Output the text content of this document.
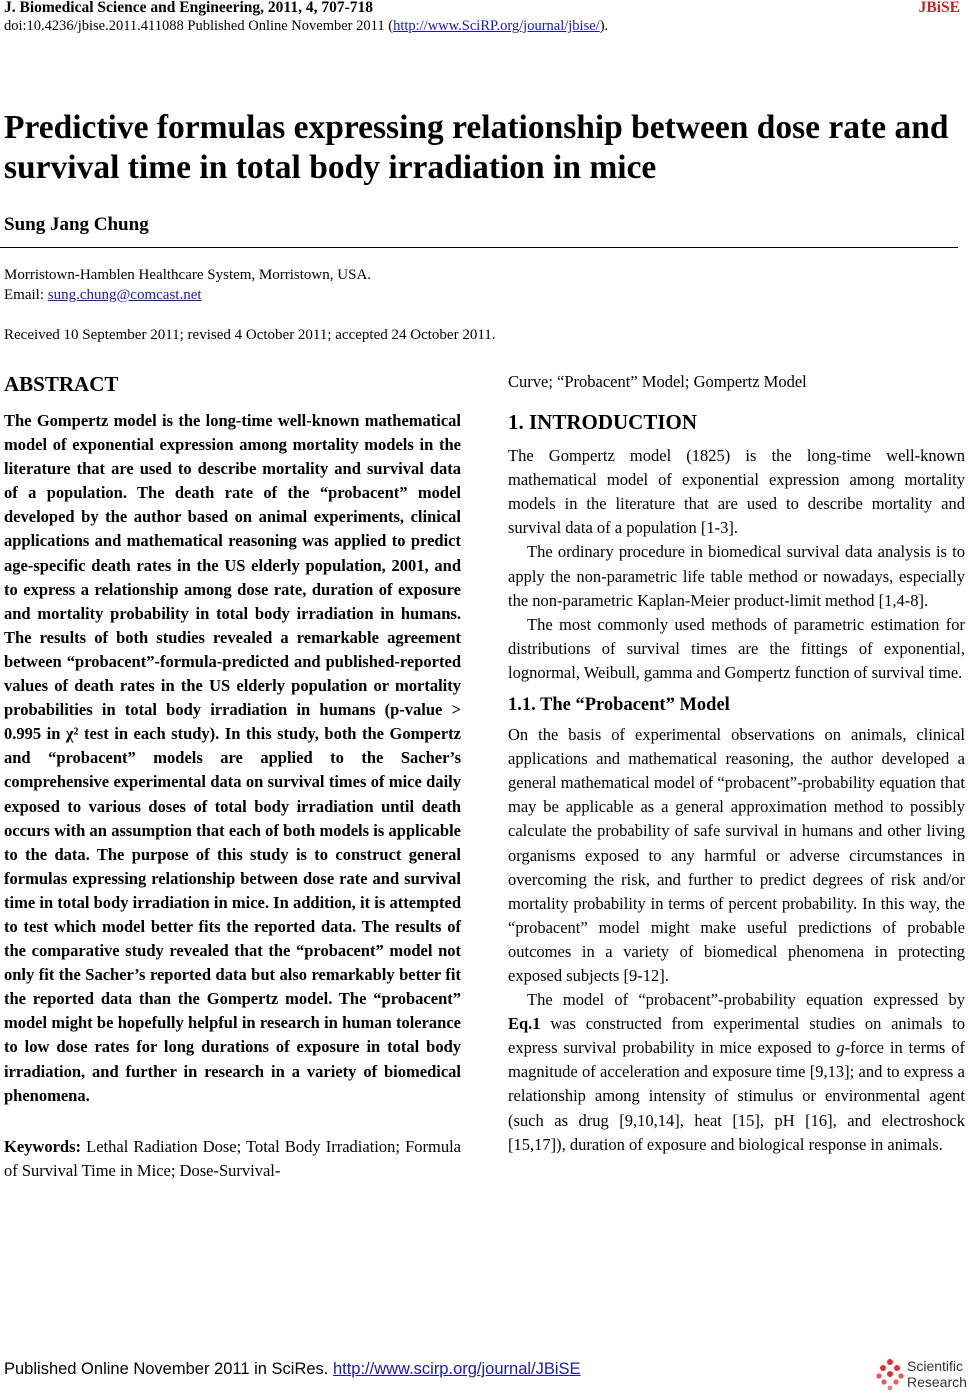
J. Biomedical Science and Engineering, 2011, 4, 707-718	JBiSE
doi:10.4236/jbise.2011.411088 Published Online November 2011 (http://www.SciRP.org/journal/jbise/).
Predictive formulas expressing relationship between dose rate and survival time in total body irradiation in mice
Sung Jang Chung
Morristown-Hamblen Healthcare System, Morristown, USA.
Email: sung.chung@comcast.net
Received 10 September 2011; revised 4 October 2011; accepted 24 October 2011.
ABSTRACT

The Gompertz model is the long-time well-known mathematical model of exponential expression among mortality models in the literature that are used to describe mortality and survival data of a population. The death rate of the “probacent” model developed by the author based on animal experiments, clinical applications and mathematical reasoning was applied to predict age-specific death rates in the US elderly population, 2001, and to express a relationship among dose rate, duration of exposure and mortality probability in total body irradiation in humans. The results of both studies revealed a remarkable agreement between “probacent”-formula-predicted and published-reported values of death rates in the US elderly population or mortality probabilities in total body irradiation in humans (p-value > 0.995 in χ² test in each study). In this study, both the Gompertz and “probacent” models are applied to the Sacher’s comprehensive experimental data on survival times of mice daily exposed to various doses of total body irradiation until death occurs with an assumption that each of both models is applicable to the data. The purpose of this study is to construct general formulas expressing relationship between dose rate and survival time in total body irradiation in mice. In addition, it is attempted to test which model better fits the reported data. The results of the comparative study revealed that the “probacent” model not only fit the Sacher’s reported data but also remarkably better fit the reported data than the Gompertz model. The “probacent” model might be hopefully helpful in research in human tolerance to low dose rates for long durations of exposure in total body irradiation, and further in research in a variety of biomedical phenomena.

Keywords: Lethal Radiation Dose; Total Body Irradiation; Formula of Survival Time in Mice; Dose-Survival-

Curve; “Probacent” Model; Gompertz Model

1. INTRODUCTION

The Gompertz model (1825) is the long-time well-known mathematical model of exponential expression among mortality models in the literature that are used to describe mortality and survival data of a population [1-3].

The ordinary procedure in biomedical survival data analysis is to apply the non-parametric life table method or nowadays, especially the non-parametric Kaplan-Meier product-limit method [1,4-8].

The most commonly used methods of parametric estimation for distributions of survival times are the fittings of exponential, lognormal, Weibull, gamma and Gompertz function of survival time.

1.1. The “Probacent” Model

On the basis of experimental observations on animals, clinical applications and mathematical reasoning, the author developed a general mathematical model of “probacent”-probability equation that may be applicable as a general approximation method to possibly calculate the probability of safe survival in humans and other living organisms exposed to any harmful or adverse circumstances in overcoming the risk, and further to predict degrees of risk and/or mortality probability in terms of percent probability. In this way, the “probacent” model might make useful predictions of probable outcomes in a variety of biomedical phenomena in protecting exposed subjects [9-12].

The model of “probacent”-probability equation expressed by Eq.1 was constructed from experimental studies on animals to express survival probability in mice exposed to g-force in terms of magnitude of acceleration and exposure time [9,13]; and to express a relationship among intensity of stimulus or environmental agent (such as drug [9,10,14], heat [15], pH [16], and electroshock [15,17]), duration of exposure and biological response in animals.

Published Online November 2011 in SciRes. http://www.scirp.org/journal/JBiSE	Scientific
Research
